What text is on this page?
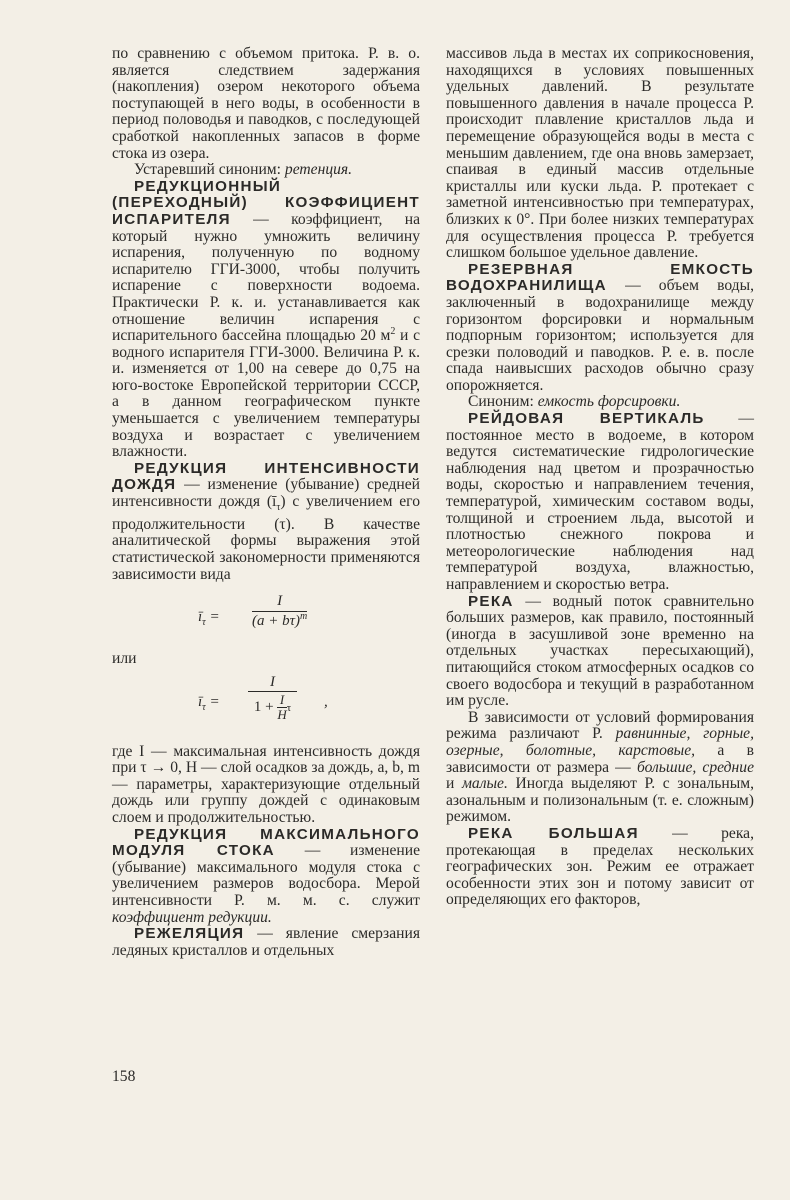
по сравнению с объемом притока. Р. в. о. является следствием задержания (накопления) озером некоторого объема поступающей в него воды, в особенности в период половодья и паводков, с последующей сработкой накопленных запасов в форме стока из озера.

Устаревший синоним: ретенция.

РЕДУКЦИОННЫЙ (ПЕРЕХОДНЫЙ) КОЭФФИЦИЕНТ ИСПАРИТЕЛЯ — коэффициент, на который нужно умножить величину испарения, полученную по водному испарителю ГГИ-3000, чтобы получить испарение с поверхности водоема. Практически Р. к. и. устанавливается как отношение величин испарения с испарительного бассейна площадью 20 $м^2$ и с водного испарителя ГГИ-3000. Величина Р. к. и. изменяется от 1,00 на севере до 0,75 на юго-востоке Европейской территории СССР, а в данном географическом пункте уменьшается с увеличением температуры воздуха и возрастает с увеличением влажности.

РЕДУКЦИЯ ИНТЕНСИВНОСТИ ДОЖДЯ — изменение (убывание) средней интенсивности дождя $(ī_\tau)$ с увеличением его продолжительности (τ). В качестве аналитической формы выражения этой статистической закономерности применяются зависимости вида

$ī_\tau = \frac{I}{(a + b\tau)^m}$

или

$ī_\tau$ =
I
$1 + \frac{I}{H}$ τ	,

где I — максимальная интенсивность дождя при τ → 0, H — слой осадков за дождь, a, b, m — параметры, характеризующие отдельный дождь или группу дождей с одинаковым слоем и продолжительностью.

РЕДУКЦИЯ МАКСИМАЛЬНОГО МОДУЛЯ СТОКА — изменение (убывание) максимального модуля стока с увеличением размеров водосбора. Мерой интенсивности Р. м. м. с. служит коэффициент редукции.

РЕЖЕЛЯЦИЯ — явление смерзания ледяных кристаллов и отдельных

массивов льда в местах их соприкосновения, находящихся в условиях повышенных удельных давлений. В результате повышенного давления в начале процесса Р. происходит плавление кристаллов льда и перемещение образующейся воды в места с меньшим давлением, где она вновь замерзает, спаивая в единый массив отдельные кристаллы или куски льда. Р. протекает с заметной интенсивностью при температурах, близких к 0°. При более низких температурах для осуществления процесса Р. требуется слишком большое удельное давление.

РЕЗЕРВНАЯ ЕМКОСТЬ ВОДОХРАНИЛИЩА — объем воды, заключенный в водохранилище между горизонтом форсировки и нормальным подпорным горизонтом; используется для срезки половодий и паводков. Р. е. в. после спада наивысших расходов обычно сразу опорожняется.

Синоним: емкость форсировки.

РЕЙДОВАЯ ВЕРТИКАЛЬ — постоянное место в водоеме, в котором ведутся систематические гидрологические наблюдения над цветом и прозрачностью воды, скоростью и направлением течения, температурой, химическим составом воды, толщиной и строением льда, высотой и плотностью снежного покрова и метеорологические наблюдения над температурой воздуха, влажностью, направлением и скоростью ветра.

РЕКА — водный поток сравнительно больших размеров, как правило, постоянный (иногда в засушливой зоне временно на отдельных участках пересыхающий), питающийся стоком атмосферных осадков со своего водосбора и текущий в разработанном им русле.

В зависимости от условий формирования режима различают Р. равнинные, горные, озерные, болотные, карстовые, а в зависимости от размера — большие, средние и малые. Иногда выделяют Р. с зональным, азональным и полизональным (т. е. сложным) режимом.

РЕКА БОЛЬШАЯ — река, протекающая в пределах нескольких географических зон. Режим ее отражает особенности этих зон и потому зависит от определяющих его факторов,

158
